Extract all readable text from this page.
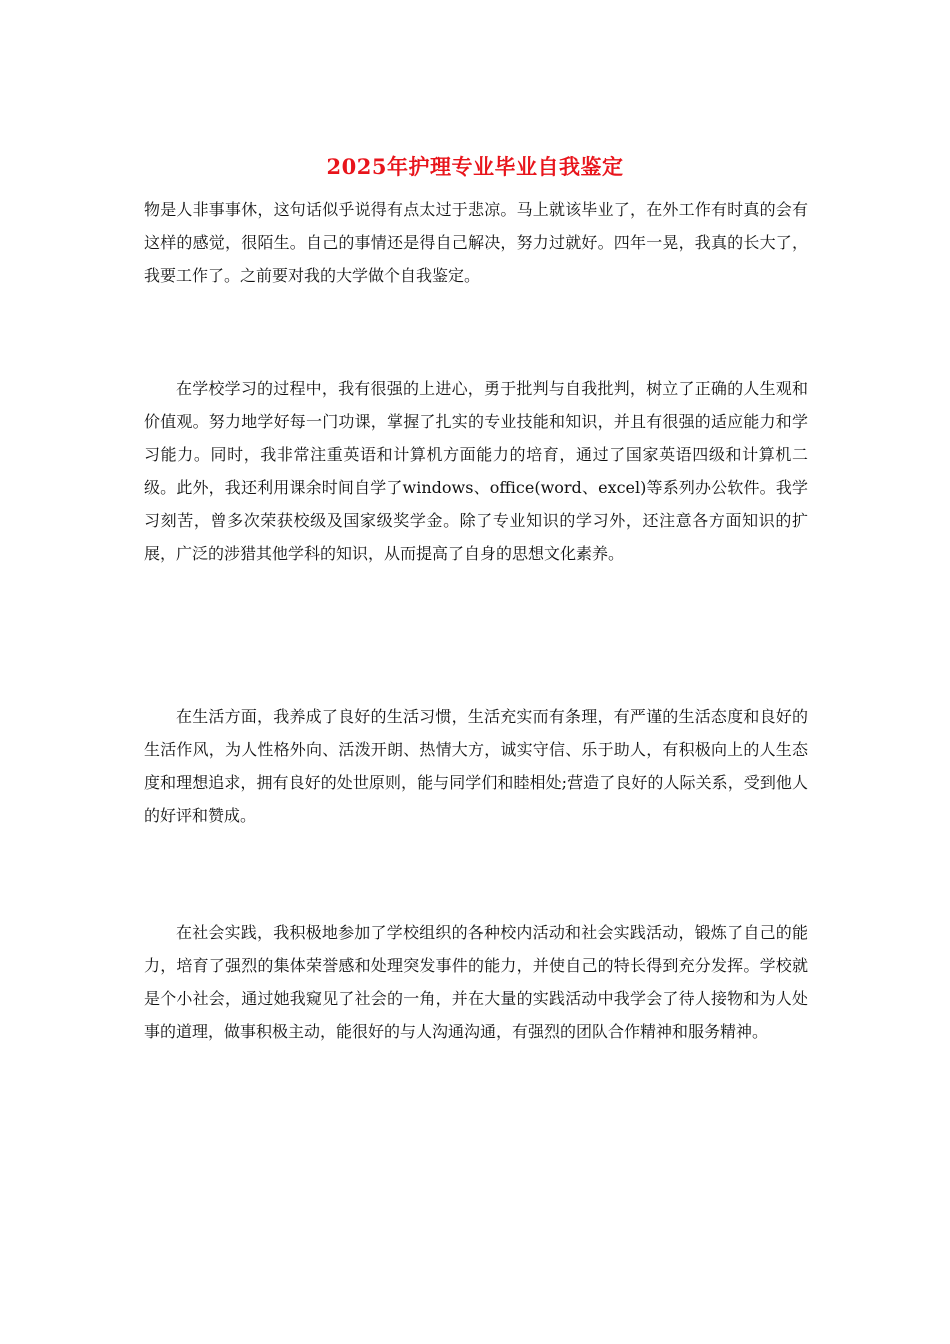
2025年护理专业毕业自我鉴定

物是人非事事休，这句话似乎说得有点太过于悲凉。马上就该毕业了，在外工作有时真的会有这样的感觉，很陌生。自己的事情还是得自己解决，努力过就好。四年一晃，我真的长大了，我要工作了。之前要对我的大学做个自我鉴定。

在学校学习的过程中，我有很强的上进心，勇于批判与自我批判，树立了正确的人生观和价值观。努力地学好每一门功课，掌握了扎实的专业技能和知识，并且有很强的适应能力和学习能力。同时，我非常注重英语和计算机方面能力的培育，通过了国家英语四级和计算机二级。此外，我还利用课余时间自学了windows、office(word、excel)等系列办公软件。我学习刻苦，曾多次荣获校级及国家级奖学金。除了专业知识的学习外，还注意各方面知识的扩展，广泛的涉猎其他学科的知识，从而提高了自身的思想文化素养。

在生活方面，我养成了良好的生活习惯，生活充实而有条理，有严谨的生活态度和良好的生活作风，为人性格外向、活泼开朗、热情大方，诚实守信、乐于助人，有积极向上的人生态度和理想追求，拥有良好的处世原则，能与同学们和睦相处;营造了良好的人际关系，受到他人的好评和赞成。

在社会实践，我积极地参加了学校组织的各种校内活动和社会实践活动，锻炼了自己的能力，培育了强烈的集体荣誉感和处理突发事件的能力，并使自己的特长得到充分发挥。学校就是个小社会，通过她我窥见了社会的一角，并在大量的实践活动中我学会了待人接物和为人处事的道理，做事积极主动，能很好的与人沟通沟通，有强烈的团队合作精神和服务精神。
